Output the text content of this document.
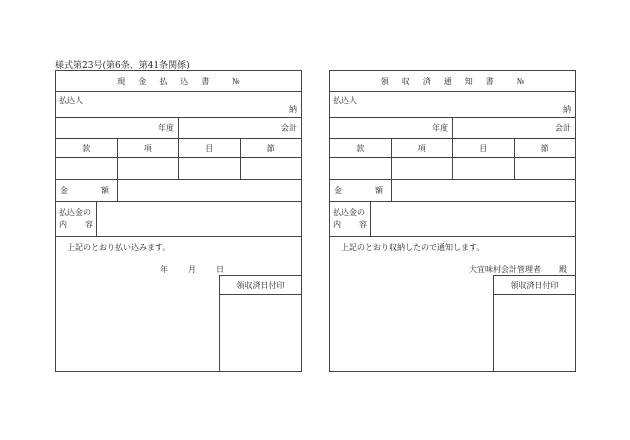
様式第23号(第6条、第41条関係)
現金払込書 №
払込人
納
年度	会計
款	項	目	節
金	額
払込金の
内 容
上記のとおり払い込みます。
年	月	日
領収済日付印
領収済通知書 №
払込人
納
年度	会計
款	項	目	節
金	額
払込金の
内 容
上記のとおり収納したので通知します。
大宜味村会計管理者 殿
領収済日付印
